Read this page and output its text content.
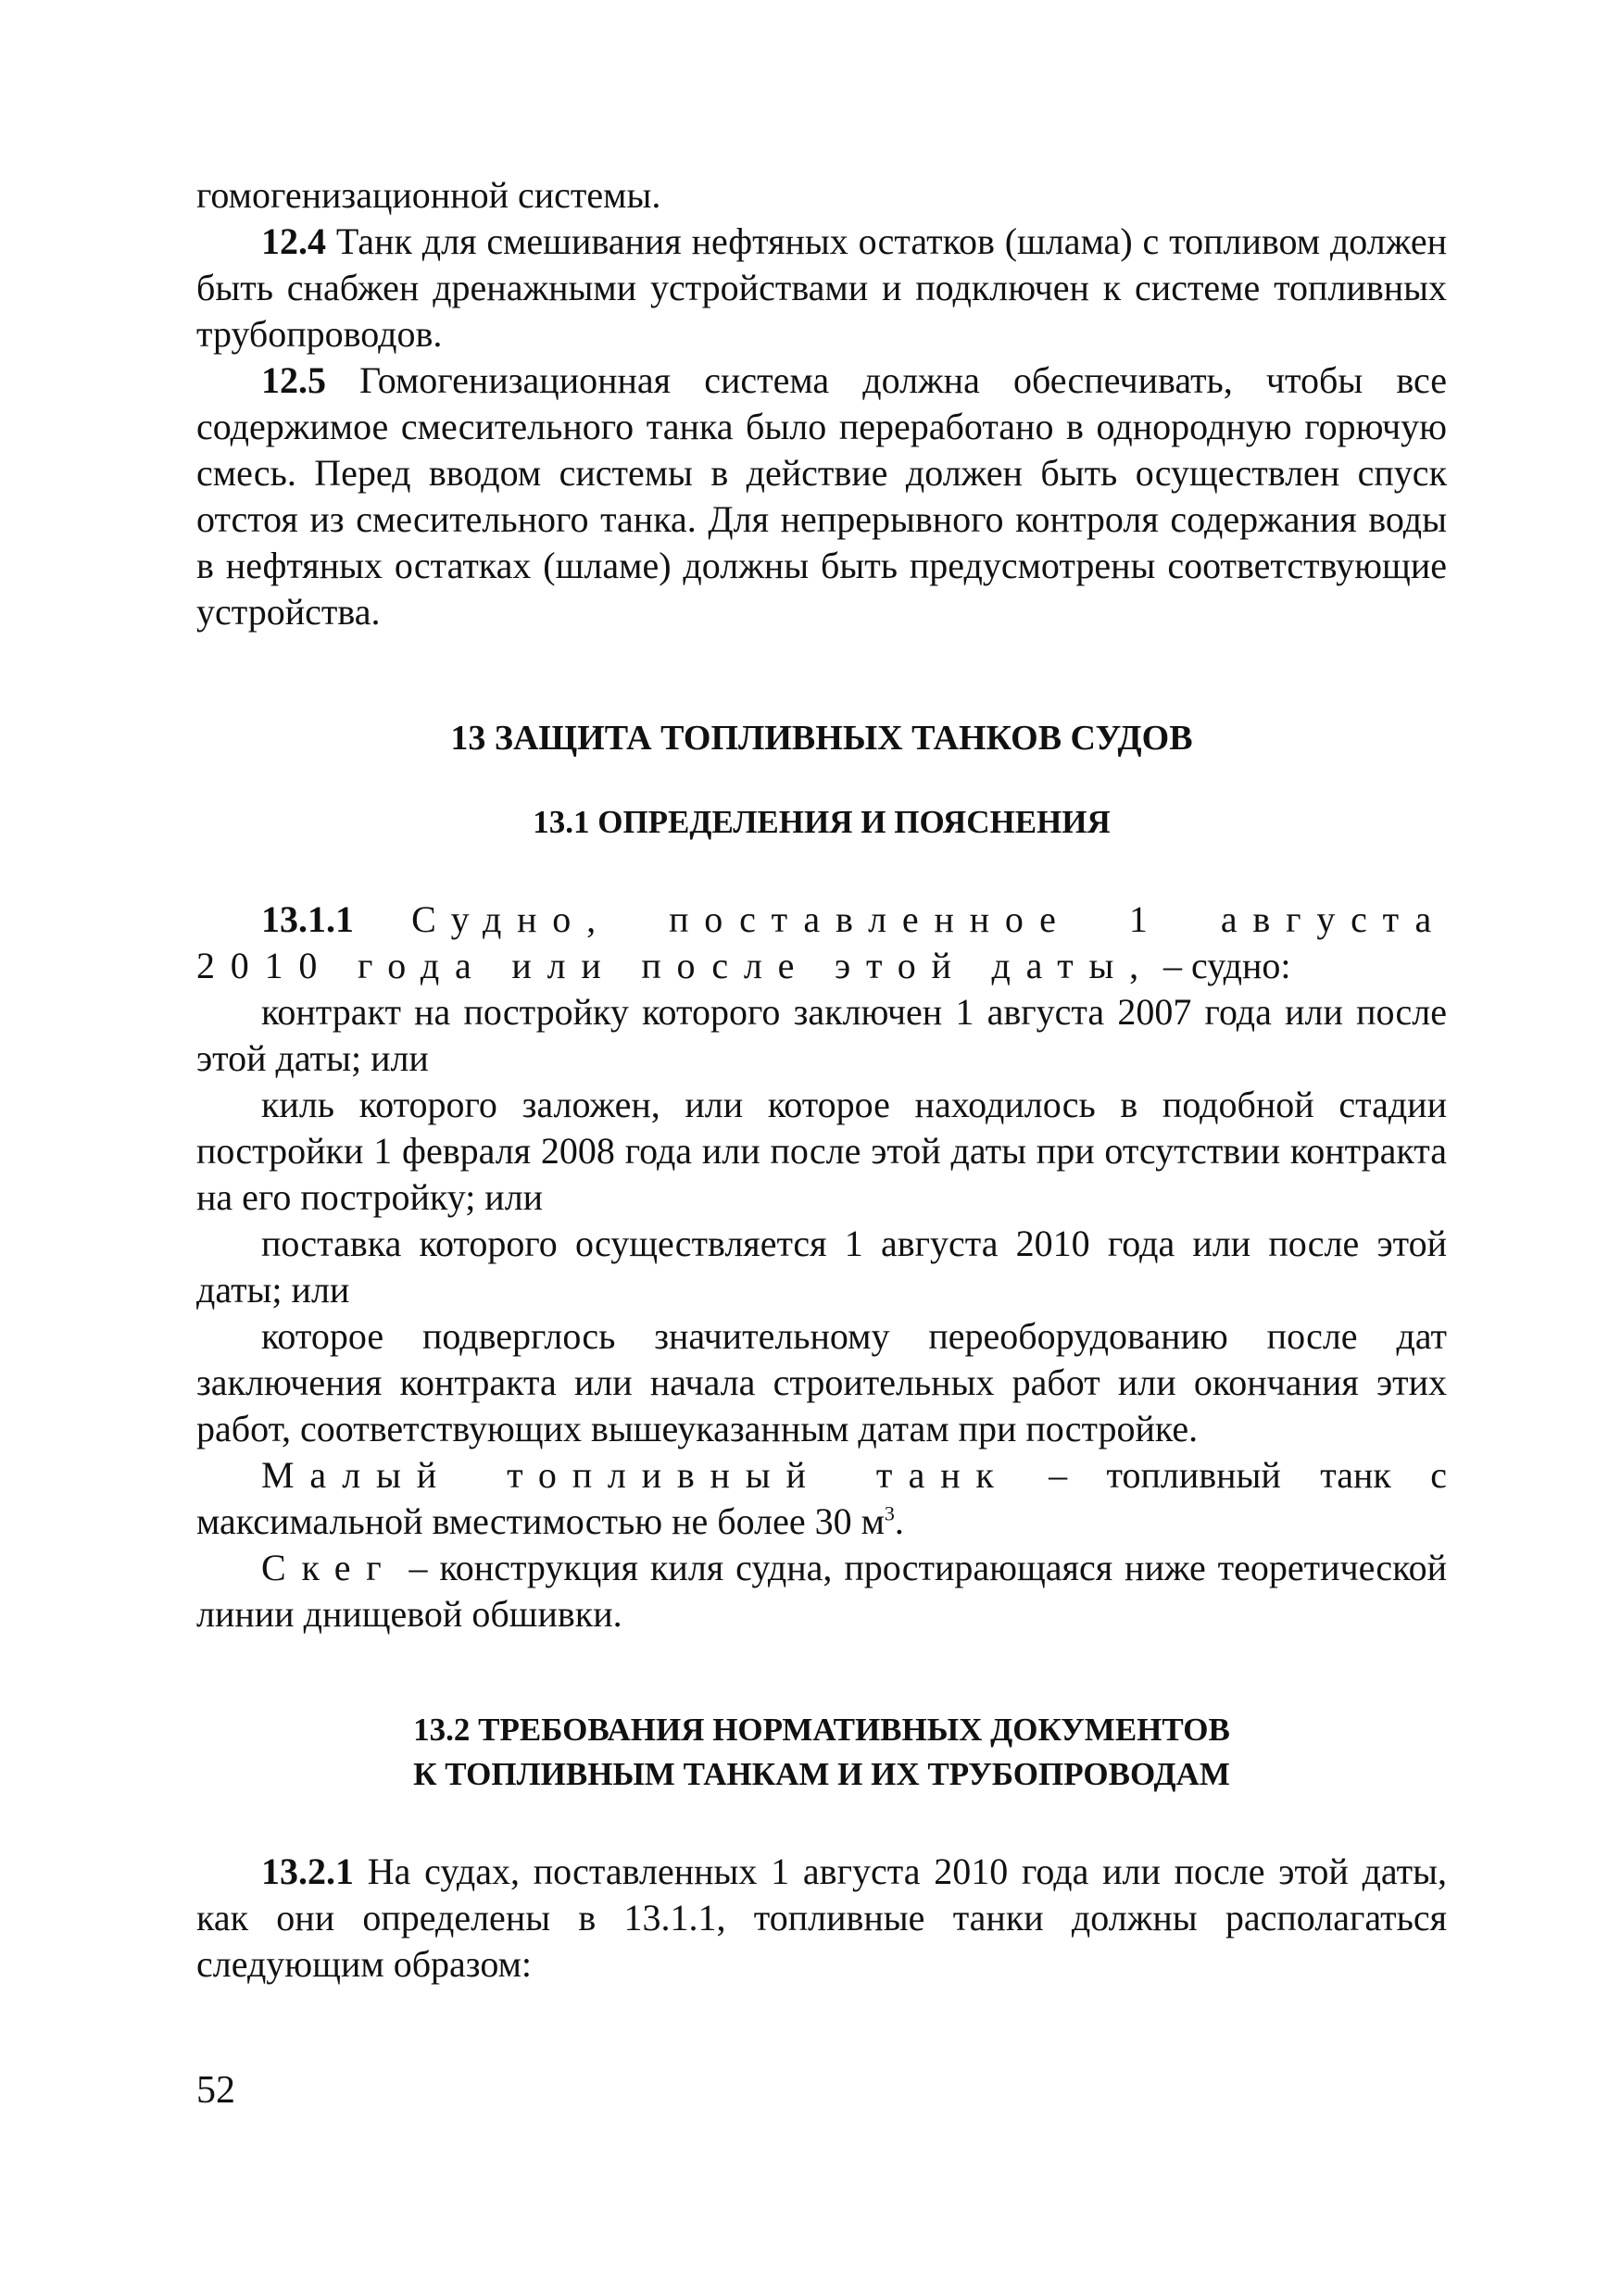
гомогенизационной системы.

12.4 Танк для смешивания нефтяных остатков (шлама) с топливом должен быть снабжен дренажными устройствами и подключен к системе топливных трубопроводов.

12.5 Гомогенизационная система должна обеспечивать, чтобы все содержимое смесительного танка было переработано в однородную горючую смесь. Перед вводом системы в действие должен быть осуществлен спуск отстоя из смесительного танка. Для непрерывного контроля содержания воды в нефтяных остатках (шламе) должны быть предусмотрены соответствующие устройства.

13 ЗАЩИТА ТОПЛИВНЫХ ТАНКОВ СУДОВ
13.1 ОПРЕДЕЛЕНИЯ И ПОЯСНЕНИЯ

13.1.1 Судно, поставленное 1 августа 2010 года или после этой даты, – судно:

контракт на постройку которого заключен 1 августа 2007 года или после этой даты; или

киль которого заложен, или которое находилось в подобной стадии постройки 1 февраля 2008 года или после этой даты при отсутствии контракта на его постройку; или

поставка которого осуществляется 1 августа 2010 года или после этой даты; или

которое подверглось значительному переоборудованию после дат заключения контракта или начала строительных работ или окончания этих работ, соответствующих вышеуказанным датам при постройке.

Малый топливный танк – топливный танк с максимальной вместимостью не более 30 $м^3$.

Скег – конструкция киля судна, простирающаяся ниже теоретической линии днищевой обшивки.

13.2 ТРЕБОВАНИЯ НОРМАТИВНЫХ ДОКУМЕНТОВ
К ТОПЛИВНЫМ ТАНКАМ И ИХ ТРУБОПРОВОДАМ

13.2.1 На судах, поставленных 1 августа 2010 года или после этой даты, как они определены в 13.1.1, топливные танки должны располагаться следующим образом:

52
